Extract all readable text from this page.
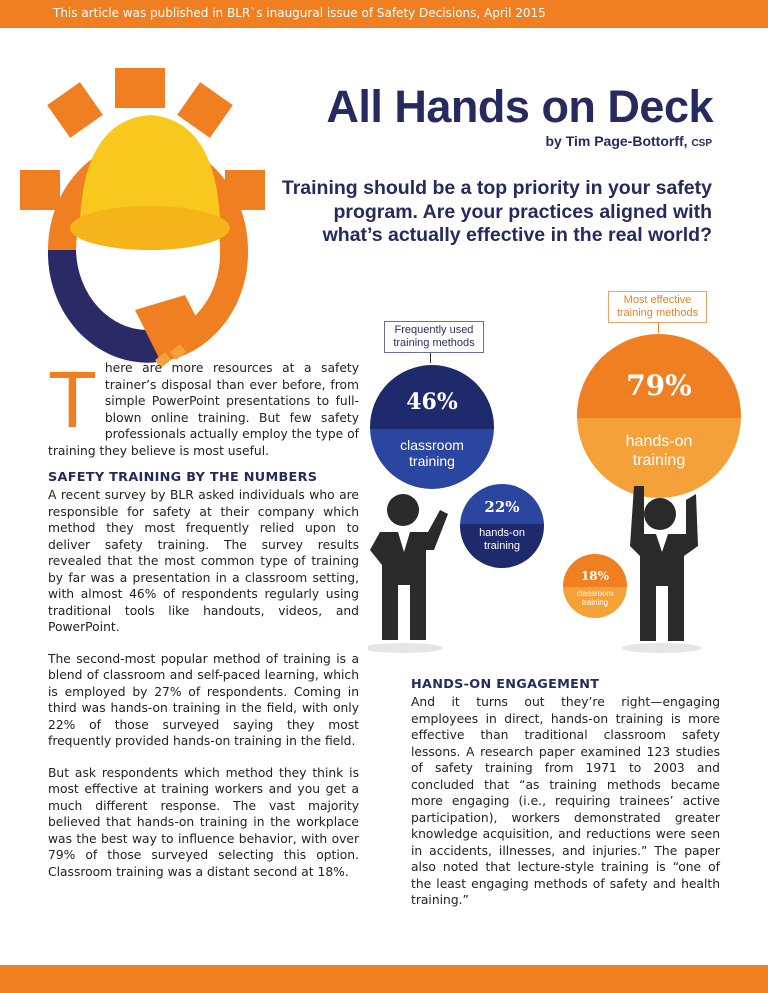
This article was published in BLR`s inaugural issue of Safety Decisions, April 2015
All Hands on Deck
by Tim Page-Bottorff, CSP
Training should be a top priority in your safety program. Are your practices aligned with what’s actually effective in the real world?
Frequently used training methods
Most effective training methods
46%
classroom training
22%
hands-on training
79%
hands-on training
18%
classroom training

There are more resources at a safety trainer’s disposal than ever before, from simple PowerPoint presentations to full-blown online training. But few safety professionals actually employ the type of training they believe is most useful.

SAFETY TRAINING BY THE NUMBERS

A recent survey by BLR asked individuals who are responsible for safety at their company which method they most frequently relied upon to deliver safety training. The survey results revealed that the most common type of training by far was a presentation in a classroom setting, with almost 46% of respondents regularly using traditional tools like handouts, videos, and PowerPoint.

The second-most popular method of training is a blend of classroom and self-paced learning, which is employed by 27% of respondents. Coming in third was hands-on training in the field, with only 22% of those surveyed saying they most frequently provided hands-on training in the field.

But ask respondents which method they think is most effective at training workers and you get a much different response. The vast majority believed that hands-on training in the workplace was the best way to influence behavior, with over 79% of those surveyed selecting this option. Classroom training was a distant second at 18%.

HANDS-ON ENGAGEMENT

And it turns out they’re right—engaging employees in direct, hands-on training is more effective than traditional classroom safety lessons. A research paper examined 123 studies of safety training from 1971 to 2003 and concluded that “as training methods became more engaging (i.e., requiring trainees’ active participation), workers demonstrated greater knowledge acquisition, and reductions were seen in accidents, illnesses, and injuries.” The paper also noted that lecture-style training is “one of the least engaging methods of safety and health training.”
